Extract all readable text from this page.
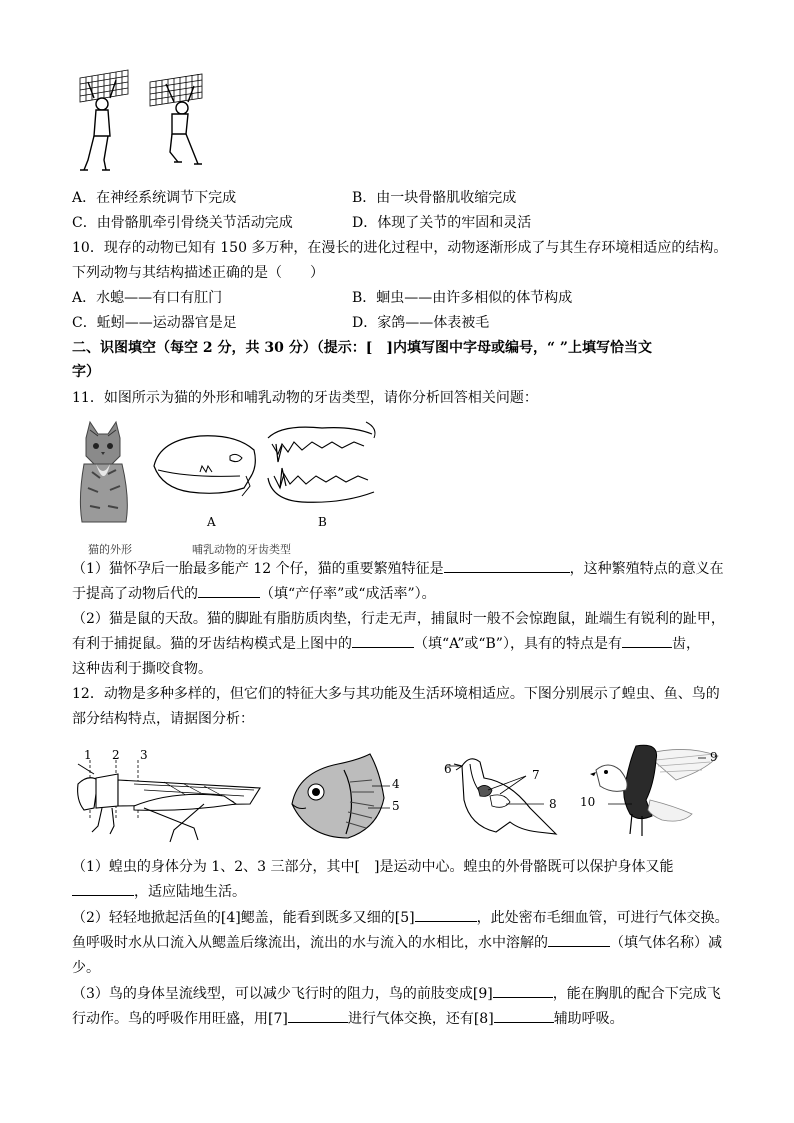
A．在神经系统调节下完成	B．由一块骨骼肌收缩完成
C．由骨骼肌牵引骨绕关节活动完成	D．体现了关节的牢固和灵活
10．现存的动物已知有 150 多万种，在漫长的进化过程中，动物逐渐形成了与其生存环境相适应的结构。
下列动物与其结构描述正确的是（　　）
A．水螅——有口有肛门	B．蛔虫——由许多相似的体节构成
C．蚯蚓——运动器官是足	D．家鸽——体表被毛
二、识图填空（每空 2 分，共 30 分）（提示：[　]内填写图中字母或编号，“ ”上填写恰当文
字）
11．如图所示为猫的外形和哺乳动物的牙齿类型，请你分析回答相关问题：
A	B
猫的外形	哺乳动物的牙齿类型
（1）猫怀孕后一胎最多能产 12 个仔，猫的重要繁殖特征是	，这种繁殖特点的意义在
于提高了动物后代的	（填“产仔率”或“成活率”）。
（2）猫是鼠的天敌。猫的脚趾有脂肪质肉垫，行走无声，捕鼠时一般不会惊跑鼠，趾端生有锐利的趾甲，
有利于捕捉鼠。猫的牙齿结构模式是上图中的	（填“A”或“B”），具有的特点是有	齿，
这种齿利于撕咬食物。
12．动物是多种多样的，但它们的特征大多与其功能及生活环境相适应。下图分别展示了蝗虫、鱼、鸟的
部分结构特点，请据图分析：
1 2 3
4
5
6	7
8
9
10
（1）蝗虫的身体分为 1、2、3 三部分，其中[　]是运动中心。蝗虫的外骨骼既可以保护身体又能
，适应陆地生活。
（2）轻轻地掀起活鱼的[4]鳃盖，能看到既多又细的[5]	，此处密布毛细血管，可进行气体交换。
鱼呼吸时水从口流入从鳃盖后缘流出，流出的水与流入的水相比，水中溶解的	（填气体名称）减
少。
（3）鸟的身体呈流线型，可以减少飞行时的阻力，鸟的前肢变成[9]	，能在胸肌的配合下完成飞
行动作。鸟的呼吸作用旺盛，用[7]	进行气体交换，还有[8]	辅助呼吸。
